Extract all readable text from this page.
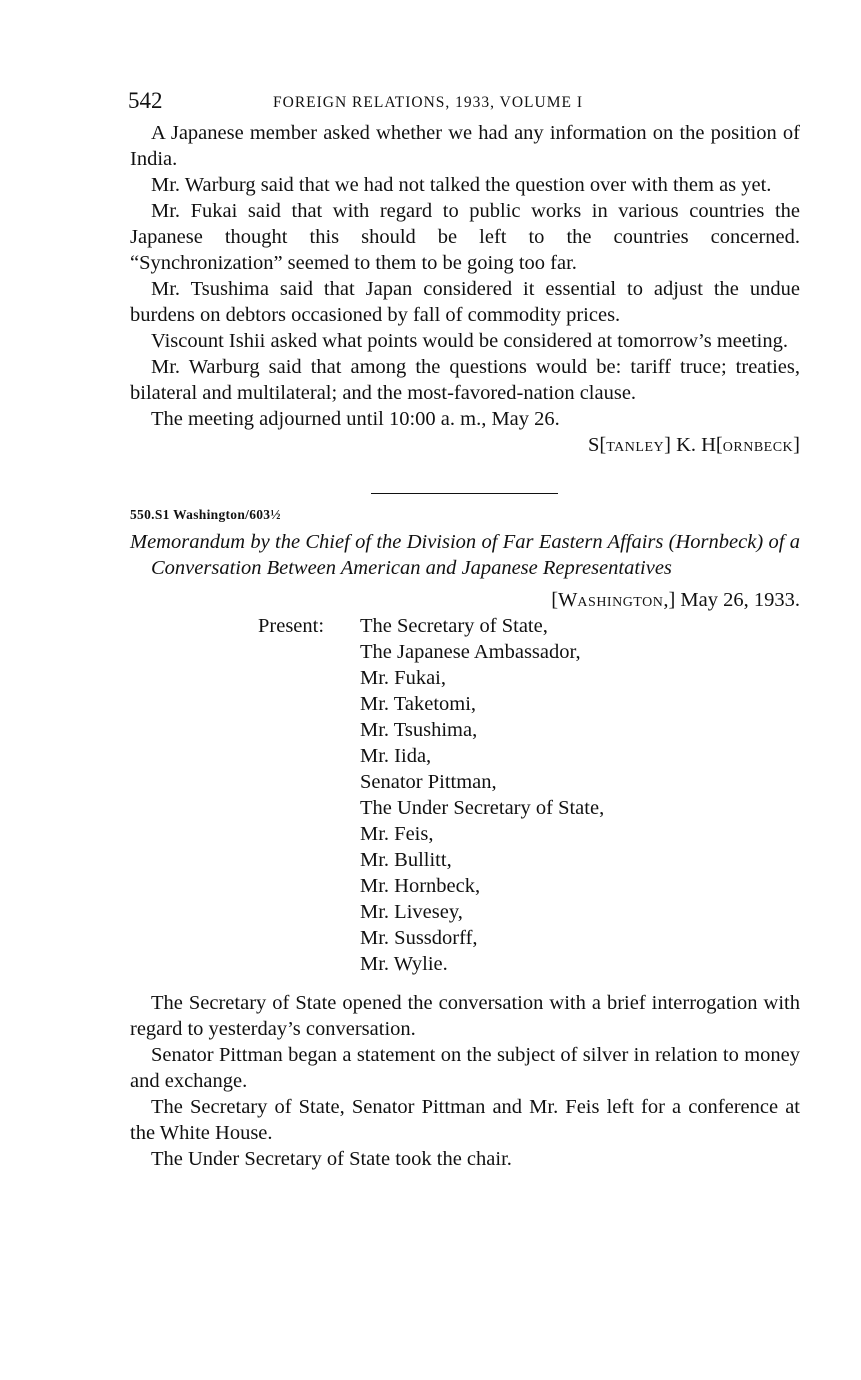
542	FOREIGN RELATIONS, 1933, VOLUME I

A Japanese member asked whether we had any information on the position of India.

Mr. Warburg said that we had not talked the question over with them as yet.

Mr. Fukai said that with regard to public works in various countries the Japanese thought this should be left to the countries concerned. “Synchronization” seemed to them to be going too far.

Mr. Tsushima said that Japan considered it essential to adjust the undue burdens on debtors occasioned by fall of commodity prices.

Viscount Ishii asked what points would be considered at tomorrow’s meeting.

Mr. Warburg said that among the questions would be: tariff truce; treaties, bilateral and multilateral; and the most-favored-nation clause.

The meeting adjourned until 10:00 a. m., May 26.

S[tanley] K. H[ornbeck]
550.S1 Washington/603½
Memorandum by the Chief of the Division of Far Eastern Affairs (Hornbeck) of a Conversation Between American and Japanese Representatives
[Washington,] May 26, 1933.
Present: The Secretary of State,
The Japanese Ambassador,
Mr. Fukai,
Mr. Taketomi,
Mr. Tsushima,
Mr. Iida,
Senator Pittman,
The Under Secretary of State,
Mr. Feis,
Mr. Bullitt,
Mr. Hornbeck,
Mr. Livesey,
Mr. Sussdorff,
Mr. Wylie.

The Secretary of State opened the conversation with a brief interrogation with regard to yesterday’s conversation.

Senator Pittman began a statement on the subject of silver in relation to money and exchange.

The Secretary of State, Senator Pittman and Mr. Feis left for a conference at the White House.

The Under Secretary of State took the chair.
